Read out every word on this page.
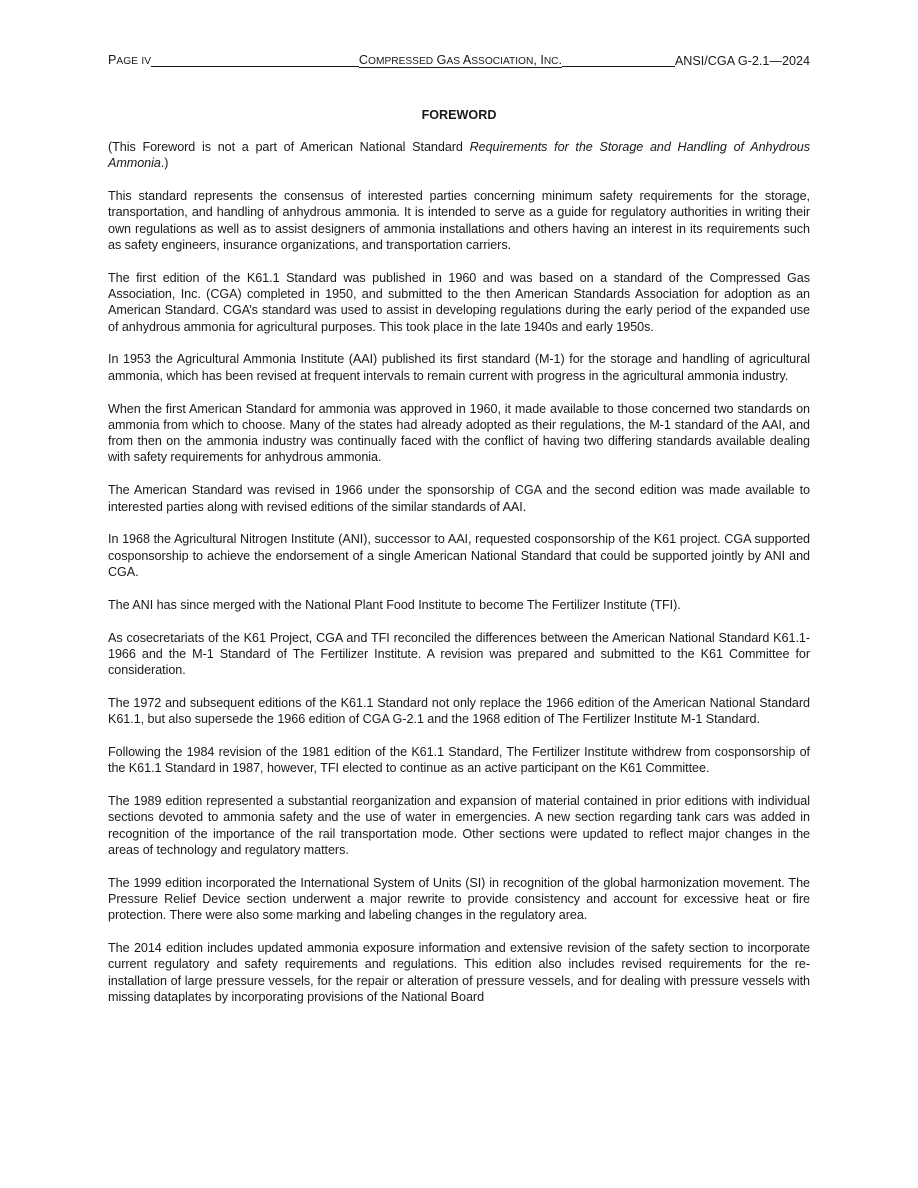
PAGE IV	COMPRESSED GAS ASSOCIATION, INC.	ANSI/CGA G-2.1—2024
FOREWORD

(This Foreword is not a part of American National Standard Requirements for the Storage and Handling of Anhydrous Ammonia.)

This standard represents the consensus of interested parties concerning minimum safety requirements for the storage, transportation, and handling of anhydrous ammonia. It is intended to serve as a guide for regulatory authorities in writing their own regulations as well as to assist designers of ammonia installations and others having an interest in its requirements such as safety engineers, insurance organizations, and transportation carriers.

The first edition of the K61.1 Standard was published in 1960 and was based on a standard of the Compressed Gas Association, Inc. (CGA) completed in 1950, and submitted to the then American Standards Association for adoption as an American Standard. CGA’s standard was used to assist in developing regulations during the early period of the expanded use of anhydrous ammonia for agricultural purposes. This took place in the late 1940s and early 1950s.

In 1953 the Agricultural Ammonia Institute (AAI) published its first standard (M-1) for the storage and handling of agricultural ammonia, which has been revised at frequent intervals to remain current with progress in the agricultural ammonia industry.

When the first American Standard for ammonia was approved in 1960, it made available to those concerned two standards on ammonia from which to choose. Many of the states had already adopted as their regulations, the M-1 standard of the AAI, and from then on the ammonia industry was continually faced with the conflict of having two differing standards available dealing with safety requirements for anhydrous ammonia.

The American Standard was revised in 1966 under the sponsorship of CGA and the second edition was made available to interested parties along with revised editions of the similar standards of AAI.

In 1968 the Agricultural Nitrogen Institute (ANI), successor to AAI, requested cosponsorship of the K61 project. CGA supported cosponsorship to achieve the endorsement of a single American National Standard that could be supported jointly by ANI and CGA.

The ANI has since merged with the National Plant Food Institute to become The Fertilizer Institute (TFI).

As cosecretariats of the K61 Project, CGA and TFI reconciled the differences between the American National Standard K61.1-1966 and the M-1 Standard of The Fertilizer Institute. A revision was prepared and submitted to the K61 Committee for consideration.

The 1972 and subsequent editions of the K61.1 Standard not only replace the 1966 edition of the American National Standard K61.1, but also supersede the 1966 edition of CGA G-2.1 and the 1968 edition of The Fertilizer Institute M-1 Standard.

Following the 1984 revision of the 1981 edition of the K61.1 Standard, The Fertilizer Institute withdrew from cosponsorship of the K61.1 Standard in 1987, however, TFI elected to continue as an active participant on the K61 Committee.

The 1989 edition represented a substantial reorganization and expansion of material contained in prior editions with individual sections devoted to ammonia safety and the use of water in emergencies. A new section regarding tank cars was added in recognition of the importance of the rail transportation mode. Other sections were updated to reflect major changes in the areas of technology and regulatory matters.

The 1999 edition incorporated the International System of Units (SI) in recognition of the global harmonization movement. The Pressure Relief Device section underwent a major rewrite to provide consistency and account for excessive heat or fire protection. There were also some marking and labeling changes in the regulatory area.

The 2014 edition includes updated ammonia exposure information and extensive revision of the safety section to incorporate current regulatory and safety requirements and regulations. This edition also includes revised requirements for the re-installation of large pressure vessels, for the repair or alteration of pressure vessels, and for dealing with pressure vessels with missing dataplates by incorporating provisions of the National Board
